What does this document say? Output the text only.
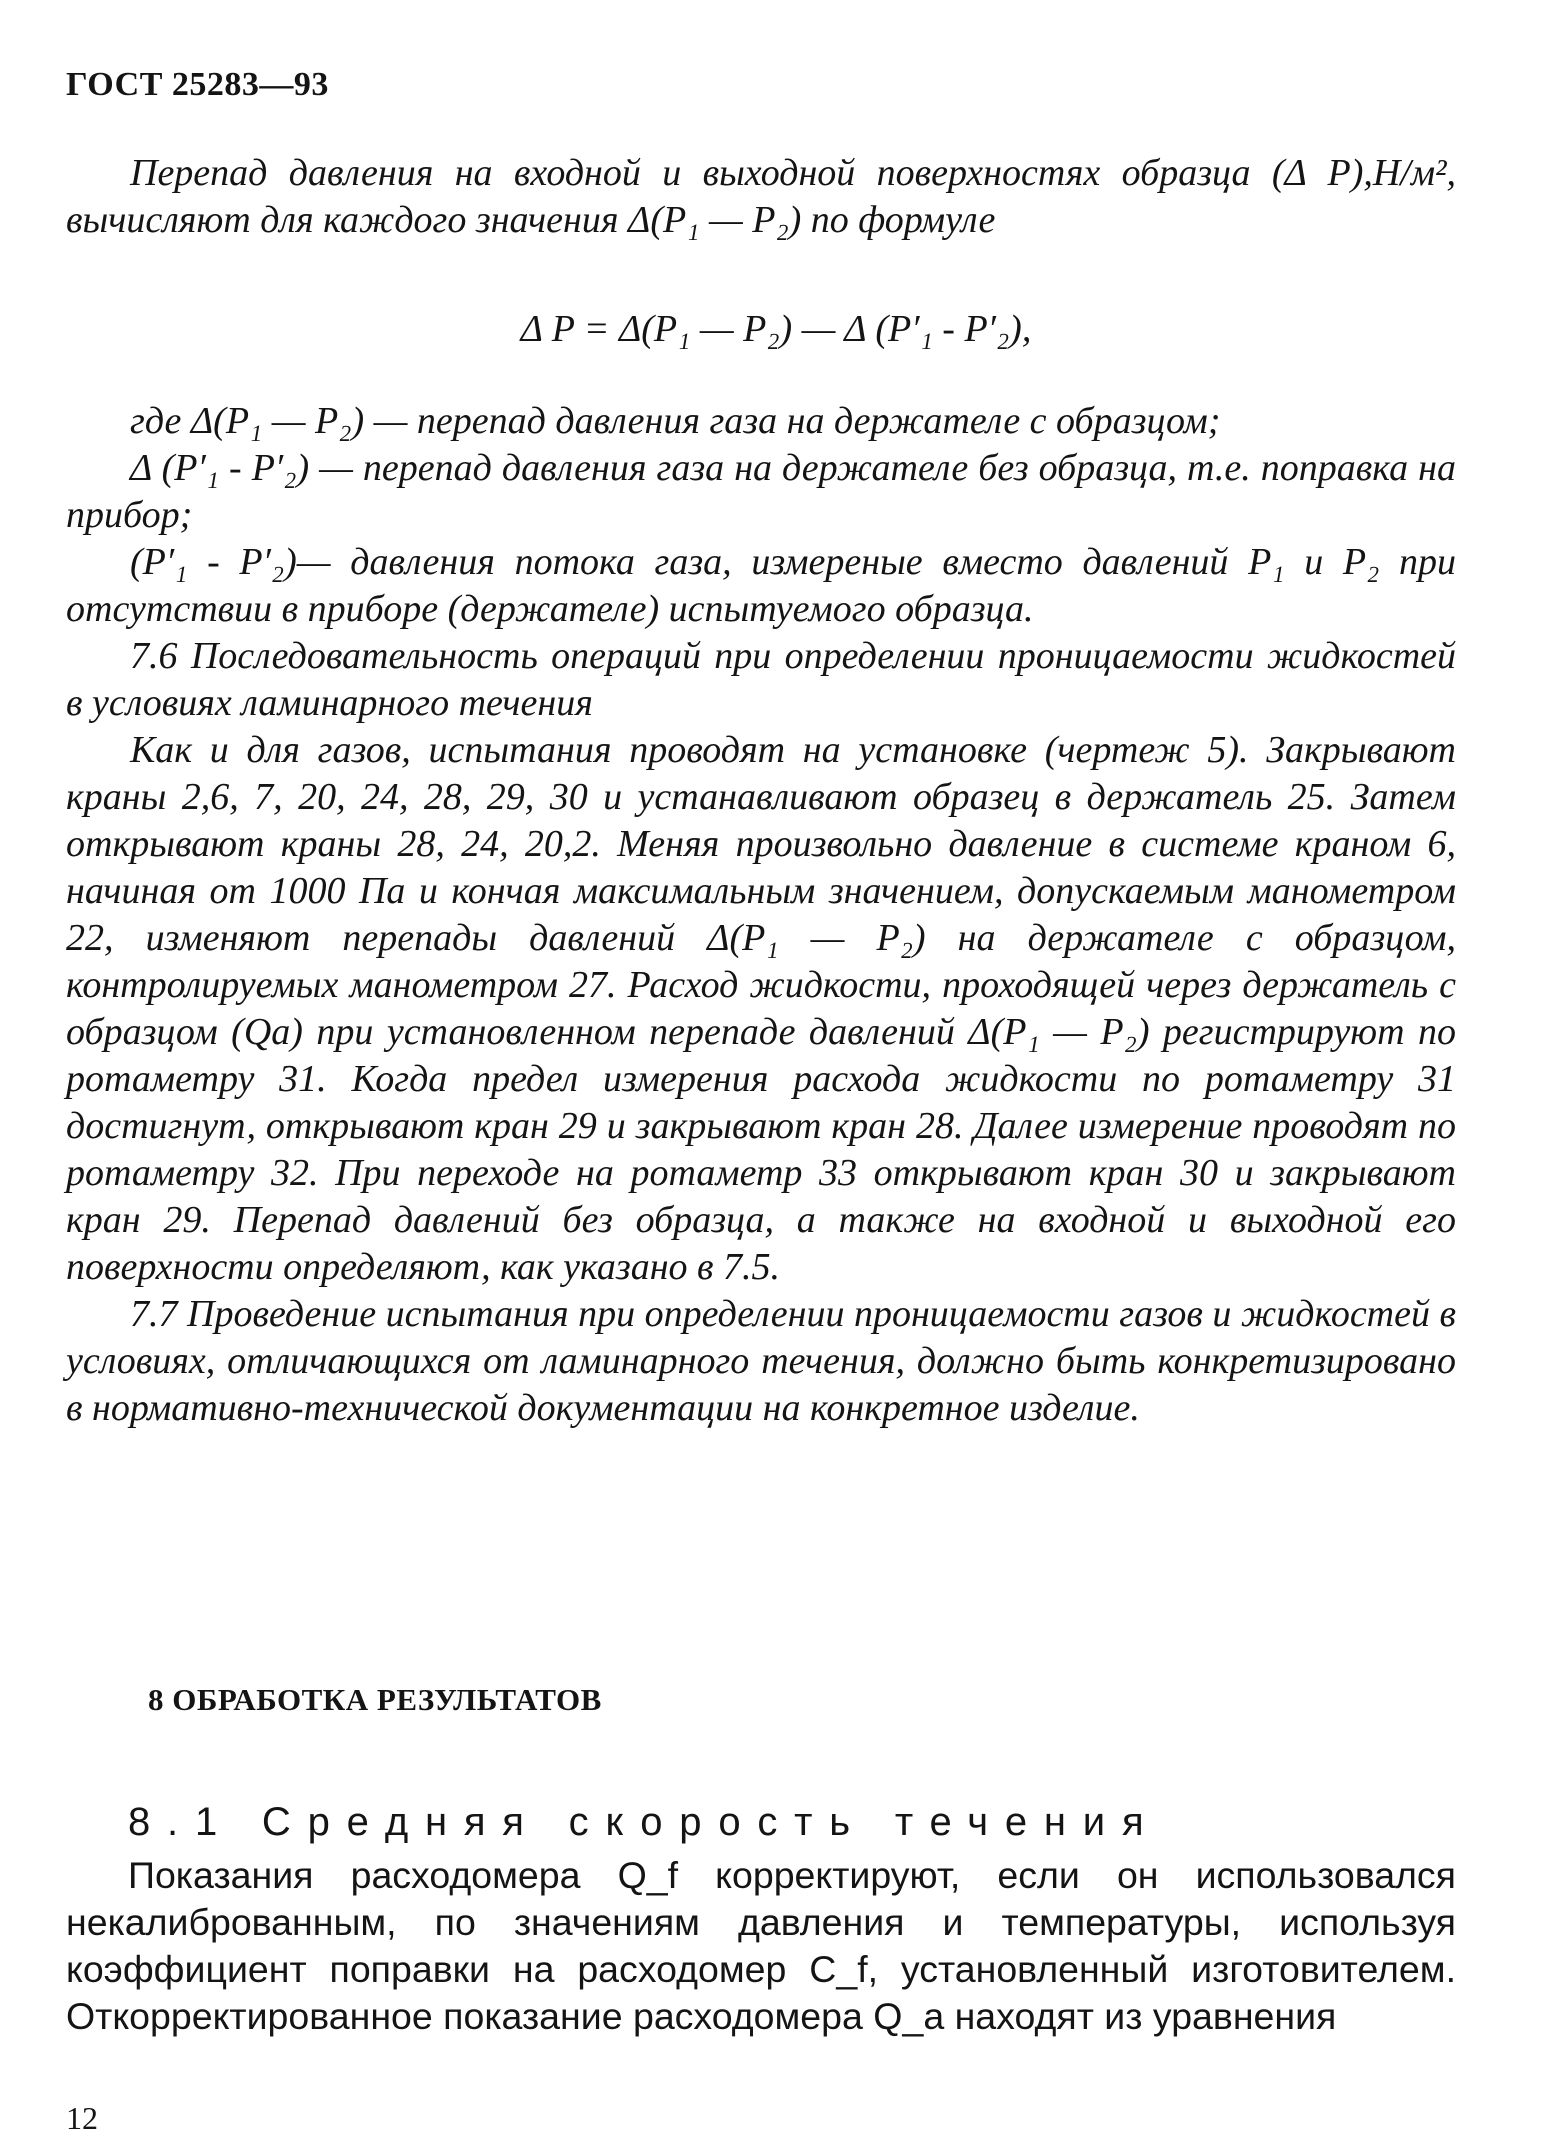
ГОСТ 25283—93

Перепад давления на входной и выходной поверхностях образца (Δ P),Н/м², вычисляют для каждого значения Δ(P₁ — P₂) по формуле

Δ P = Δ(P₁ — P₂) — Δ (P′₁ - P′₂),

где Δ(P₁ — P₂) — перепад давления газа на держателе с образцом;

Δ (P′₁ - P′₂) — перепад давления газа на держателе без образца, т.е. поправка на прибор;

(P′₁ - P′₂)— давления потока газа, измереные вместо давлений P₁ и P₂ при отсутствии в приборе (держателе) испытуемого образца.

7.6 Последовательность операций при определении проницаемости жидкостей в условиях ламинарного течения

Как и для газов, испытания проводят на установке (чертеж 5). Закрывают краны 2,6, 7, 20, 24, 28, 29, 30 и устанавливают образец в держатель 25. Затем открывают краны 28, 24, 20,2. Меняя произвольно давление в системе краном 6, начиная от 1000 Па и кончая максимальным значением, допускаемым манометром 22, изменяют перепады давлений Δ(P₁ — P₂) на держателе с образцом, контролируемых манометром 27. Расход жидкости, проходящей через держатель с образцом (Qa) при установленном перепаде давлений Δ(P₁ — P₂) регистрируют по ротаметру 31. Когда предел измерения расхода жидкости по ротаметру 31 достигнут, открывают кран 29 и закрывают кран 28. Далее измерение проводят по ротаметру 32. При переходе на ротаметр 33 открывают кран 30 и закрывают кран 29. Перепад давлений без образца, а также на входной и выходной его поверхности определяют, как указано в 7.5.

7.7 Проведение испытания при определении проницаемости газов и жидкостей в условиях, отличающихся от ламинарного течения, должно быть конкретизировано в нормативно-технической документации на конкретное изделие.

8 ОБРАБОТКА РЕЗУЛЬТАТОВ
8.1 Средняя скорость течения
Показания расходомера Q_f корректируют, если он использовался некалиброванным, по значениям давления и температуры, используя коэффициент поправки на расходомер C_f, установленный изготовителем. Откорректированное показание расходомера Q_a находят из уравнения
12
